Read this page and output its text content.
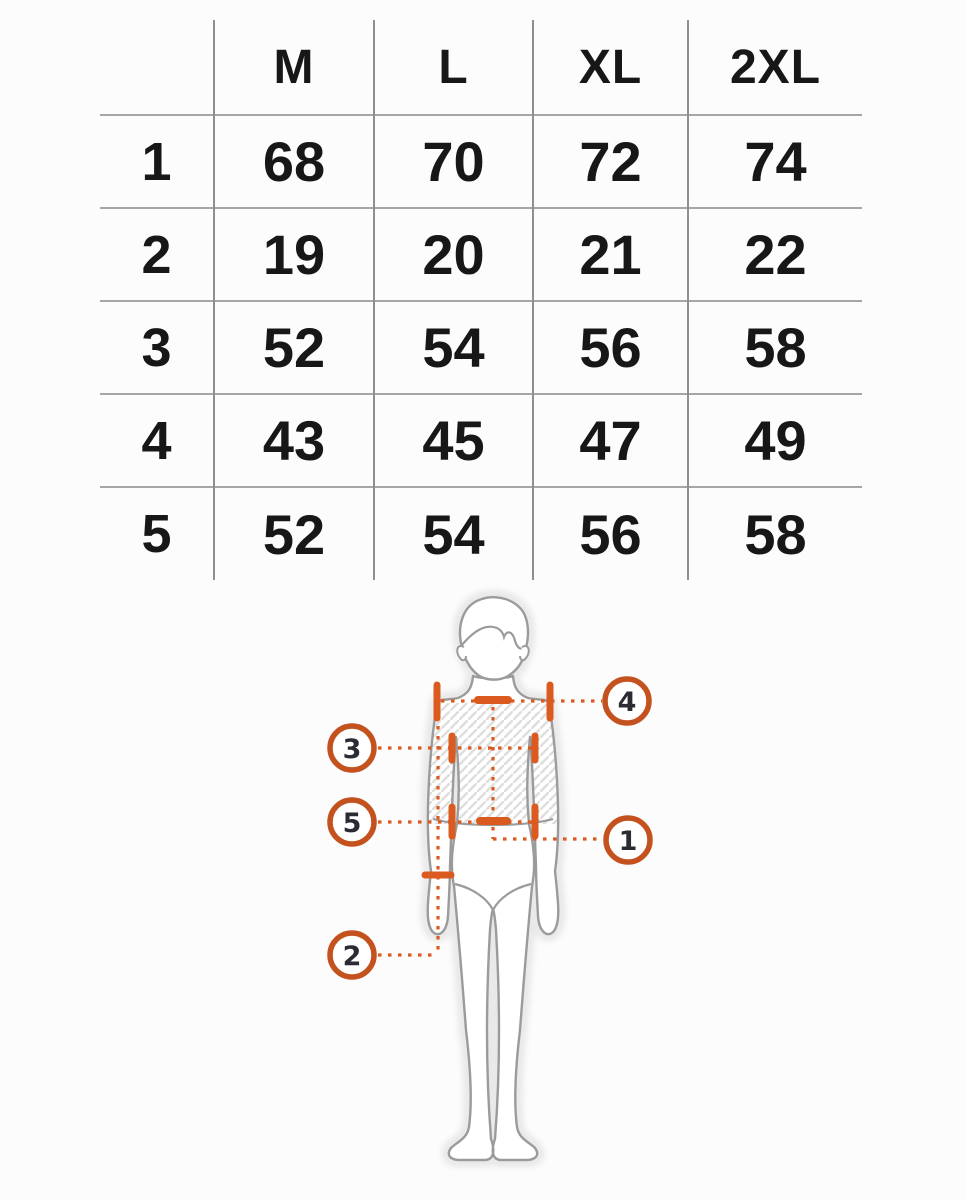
	M	L	XL	2XL
1	68	70	72	74
2	19	20	21	22
3	52	54	56	58
4	43	45	47	49
5	52	54	56	58
1
2
3
4
5
